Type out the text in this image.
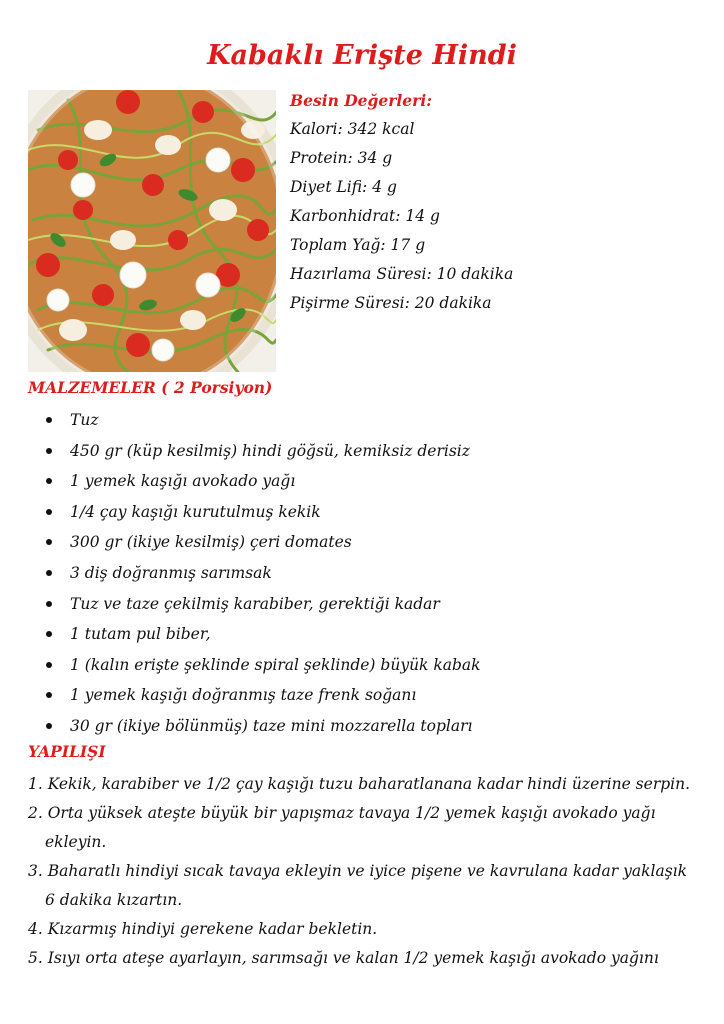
Kabaklı Erişte Hindi
Besin Değerleri:
Kalori: 342 kcal
Protein: 34 g
Diyet Lifi: 4 g
Karbonhidrat: 14 g
Toplam Yağ: 17 g
Hazırlama Süresi: 10 dakika
Pişirme Süresi: 20 dakika
MALZEMELER ( 2 Porsiyon)
Tuz
450 gr (küp kesilmiş) hindi göğsü, kemiksiz derisiz
1 yemek kaşığı avokado yağı
1/4 çay kaşığı kurutulmuş kekik
300 gr (ikiye kesilmiş) çeri domates
3 diş doğranmış sarımsak
Tuz ve taze çekilmiş karabiber, gerektiği kadar
1 tutam pul biber,
1 (kalın erişte şeklinde spiral şeklinde) büyük kabak
1 yemek kaşığı doğranmış taze frenk soğanı
30 gr (ikiye bölünmüş) taze mini mozzarella topları
YAPILIŞI
1. Kekik, karabiber ve 1/2 çay kaşığı tuzu baharatlanana kadar hindi üzerine serpin.
2. Orta yüksek ateşte büyük bir yapışmaz tavaya 1/2 yemek kaşığı avokado yağı ekleyin.
3. Baharatlı hindiyi sıcak tavaya ekleyin ve iyice pişene ve kavrulana kadar yaklaşık 6 dakika kızartın.
4. Kızarmış hindiyi gerekene kadar bekletin.
5. Isıyı orta ateşe ayarlayın, sarımsağı ve kalan 1/2 yemek kaşığı avokado yağını
